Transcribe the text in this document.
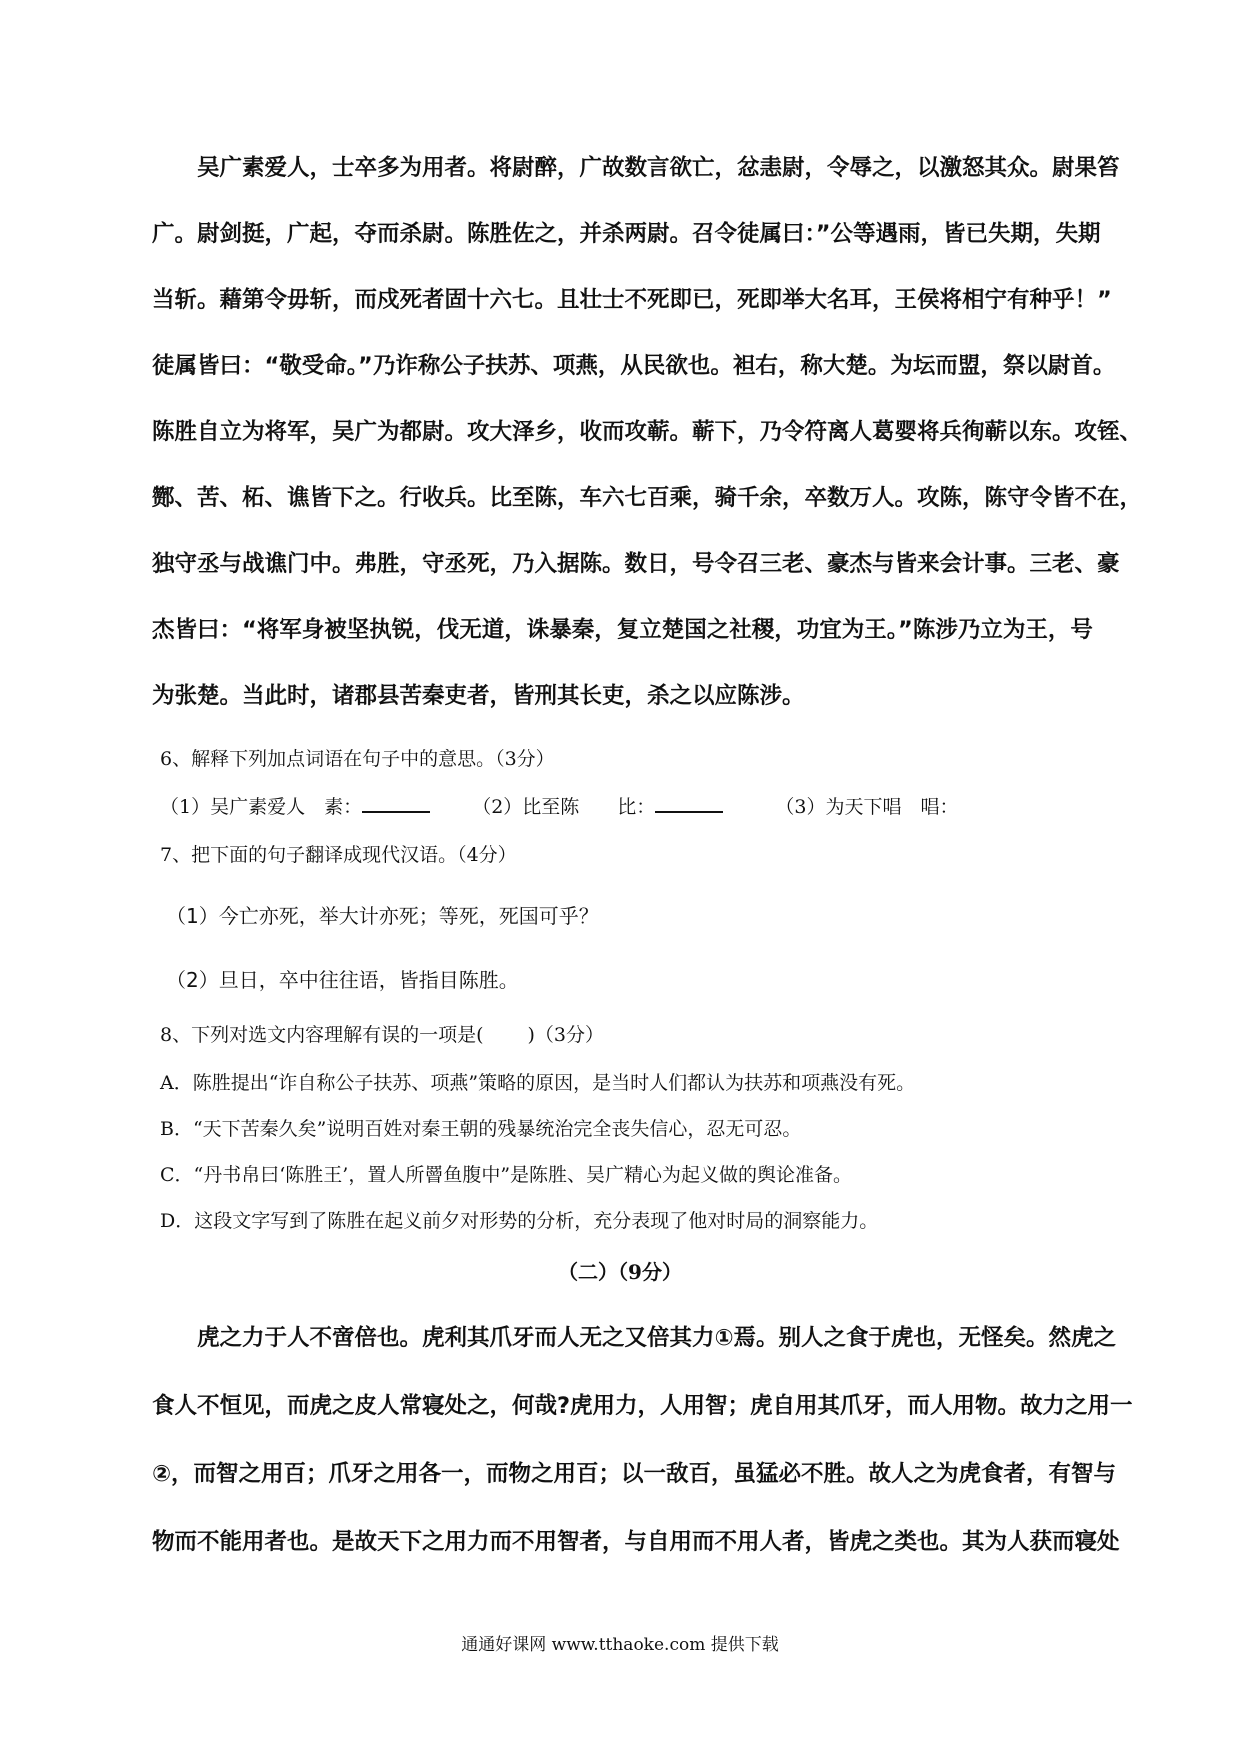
　　吴广素爱人，士卒多为用者。将尉醉，广故数言欲亡，忿恚尉，令辱之，以激怒其众。尉果笞
广。尉剑挺，广起，夺而杀尉。陈胜佐之，并杀两尉。召令徒属曰：”公等遇雨，皆已失期，失期
当斩。藉第令毋斩，而戍死者固十六七。且壮士不死即已，死即举大名耳，王侯将相宁有种乎！”
徒属皆曰：“敬受命。”乃诈称公子扶苏、项燕，从民欲也。袒右，称大楚。为坛而盟，祭以尉首。
陈胜自立为将军，吴广为都尉。攻大泽乡，收而攻蕲。蕲下，乃令符离人葛婴将兵徇蕲以东。攻铚、
酂、苦、柘、谯皆下之。行收兵。比至陈，车六七百乘，骑千余，卒数万人。攻陈，陈守令皆不在，
独守丞与战谯门中。弗胜，守丞死，乃入据陈。数日，号令召三老、豪杰与皆来会计事。三老、豪
杰皆曰：“将军身被坚执锐，伐无道，诛暴秦，复立楚国之社稷，功宜为王。”陈涉乃立为王，号
为张楚。当此时，诸郡县苦秦吏者，皆刑其长吏，杀之以应陈涉。
6、解释下列加点词语在句子中的意思。（3分）
（1）吴广素爱人　素：	（2）比至陈　　比：	（3）为天下唱　唱：
7、把下面的句子翻译成现代汉语。（4分）
（1）今亡亦死，举大计亦死；等死，死国可乎？
（2）旦日，卒中往往语，皆指目陈胜。
8、下列对选文内容理解有误的一项是( )（3分）
A．陈胜提出“诈自称公子扶苏、项燕”策略的原因，是当时人们都认为扶苏和项燕没有死。
B．“天下苦秦久矣”说明百姓对秦王朝的残暴统治完全丧失信心，忍无可忍。
C．“丹书帛曰‘陈胜王’，置人所罾鱼腹中”是陈胜、吴广精心为起义做的舆论准备。
D．这段文字写到了陈胜在起义前夕对形势的分析，充分表现了他对时局的洞察能力。
（二）（9分）
　　虎之力于人不啻倍也。虎利其爪牙而人无之又倍其力①焉。别人之食于虎也，无怪矣。然虎之
食人不恒见，而虎之皮人常寝处之，何哉?虎用力，人用智；虎自用其爪牙，而人用物。故力之用一
②，而智之用百；爪牙之用各一，而物之用百；以一敌百，虽猛必不胜。故人之为虎食者，有智与
物而不能用者也。是故天下之用力而不用智者，与自用而不用人者，皆虎之类也。其为人获而寝处
通通好课网 www.tthaoke.com 提供下载
